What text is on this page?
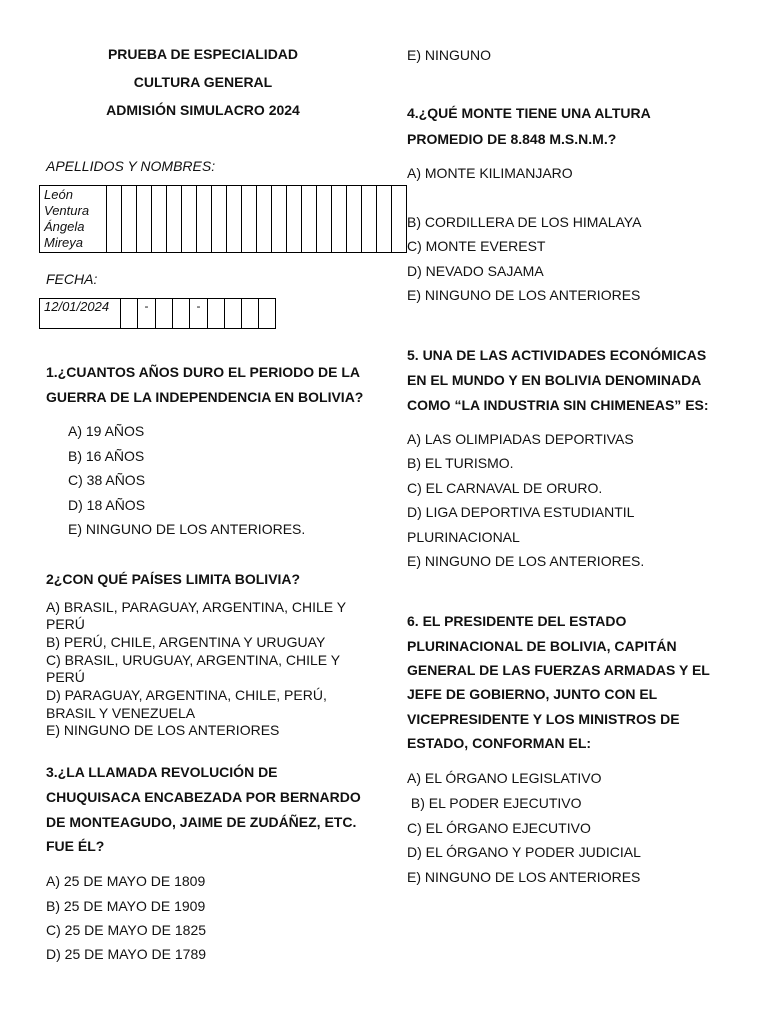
PRUEBA DE ESPECIALIDAD
CULTURA GENERAL
ADMISIÓN SIMULACRO 2024
APELLIDOS Y NOMBRES:
León
Ventura
Ángela
Mireya

FECHA:
12/01/2024		-			-				
1.¿CUANTOS AÑOS DURO EL PERIODO DE LA
GUERRA DE LA INDEPENDENCIA EN BOLIVIA?
A) 19 AÑOS
B) 16 AÑOS
C) 38 AÑOS
D) 18 AÑOS
E) NINGUNO DE LOS ANTERIORES.
2¿CON QUÉ PAÍSES LIMITA BOLIVIA?
A) BRASIL, PARAGUAY, ARGENTINA, CHILE Y
PERÚ
B) PERÚ, CHILE, ARGENTINA Y URUGUAY
C) BRASIL, URUGUAY, ARGENTINA, CHILE Y
PERÚ
D) PARAGUAY, ARGENTINA, CHILE, PERÚ,
BRASIL Y VENEZUELA
E) NINGUNO DE LOS ANTERIORES
3.¿LA LLAMADA REVOLUCIÓN DE
CHUQUISACA ENCABEZADA POR BERNARDO
DE MONTEAGUDO, JAIME DE ZUDÁÑEZ, ETC.
FUE ÉL?
A) 25 DE MAYO DE 1809
B) 25 DE MAYO DE 1909
C) 25 DE MAYO DE 1825
D) 25 DE MAYO DE 1789
E) NINGUNO
4.¿QUÉ MONTE TIENE UNA ALTURA
PROMEDIO DE 8.848 M.S.N.M.?
A) MONTE KILIMANJARO
B) CORDILLERA DE LOS HIMALAYA
C) MONTE EVEREST
D) NEVADO SAJAMA
E) NINGUNO DE LOS ANTERIORES
5. UNA DE LAS ACTIVIDADES ECONÓMICAS
EN EL MUNDO Y EN BOLIVIA DENOMINADA
COMO “LA INDUSTRIA SIN CHIMENEAS” ES:
A) LAS OLIMPIADAS DEPORTIVAS
B) EL TURISMO.
C) EL CARNAVAL DE ORURO.
D) LIGA DEPORTIVA ESTUDIANTIL
PLURINACIONAL
E) NINGUNO DE LOS ANTERIORES.
6. EL PRESIDENTE DEL ESTADO
PLURINACIONAL DE BOLIVIA, CAPITÁN
GENERAL DE LAS FUERZAS ARMADAS Y EL
JEFE DE GOBIERNO, JUNTO CON EL
VICEPRESIDENTE Y LOS MINISTROS DE
ESTADO, CONFORMAN EL:
A) EL ÓRGANO LEGISLATIVO
B) EL PODER EJECUTIVO
C) EL ÓRGANO EJECUTIVO
D) EL ÓRGANO Y PODER JUDICIAL
E) NINGUNO DE LOS ANTERIORES
